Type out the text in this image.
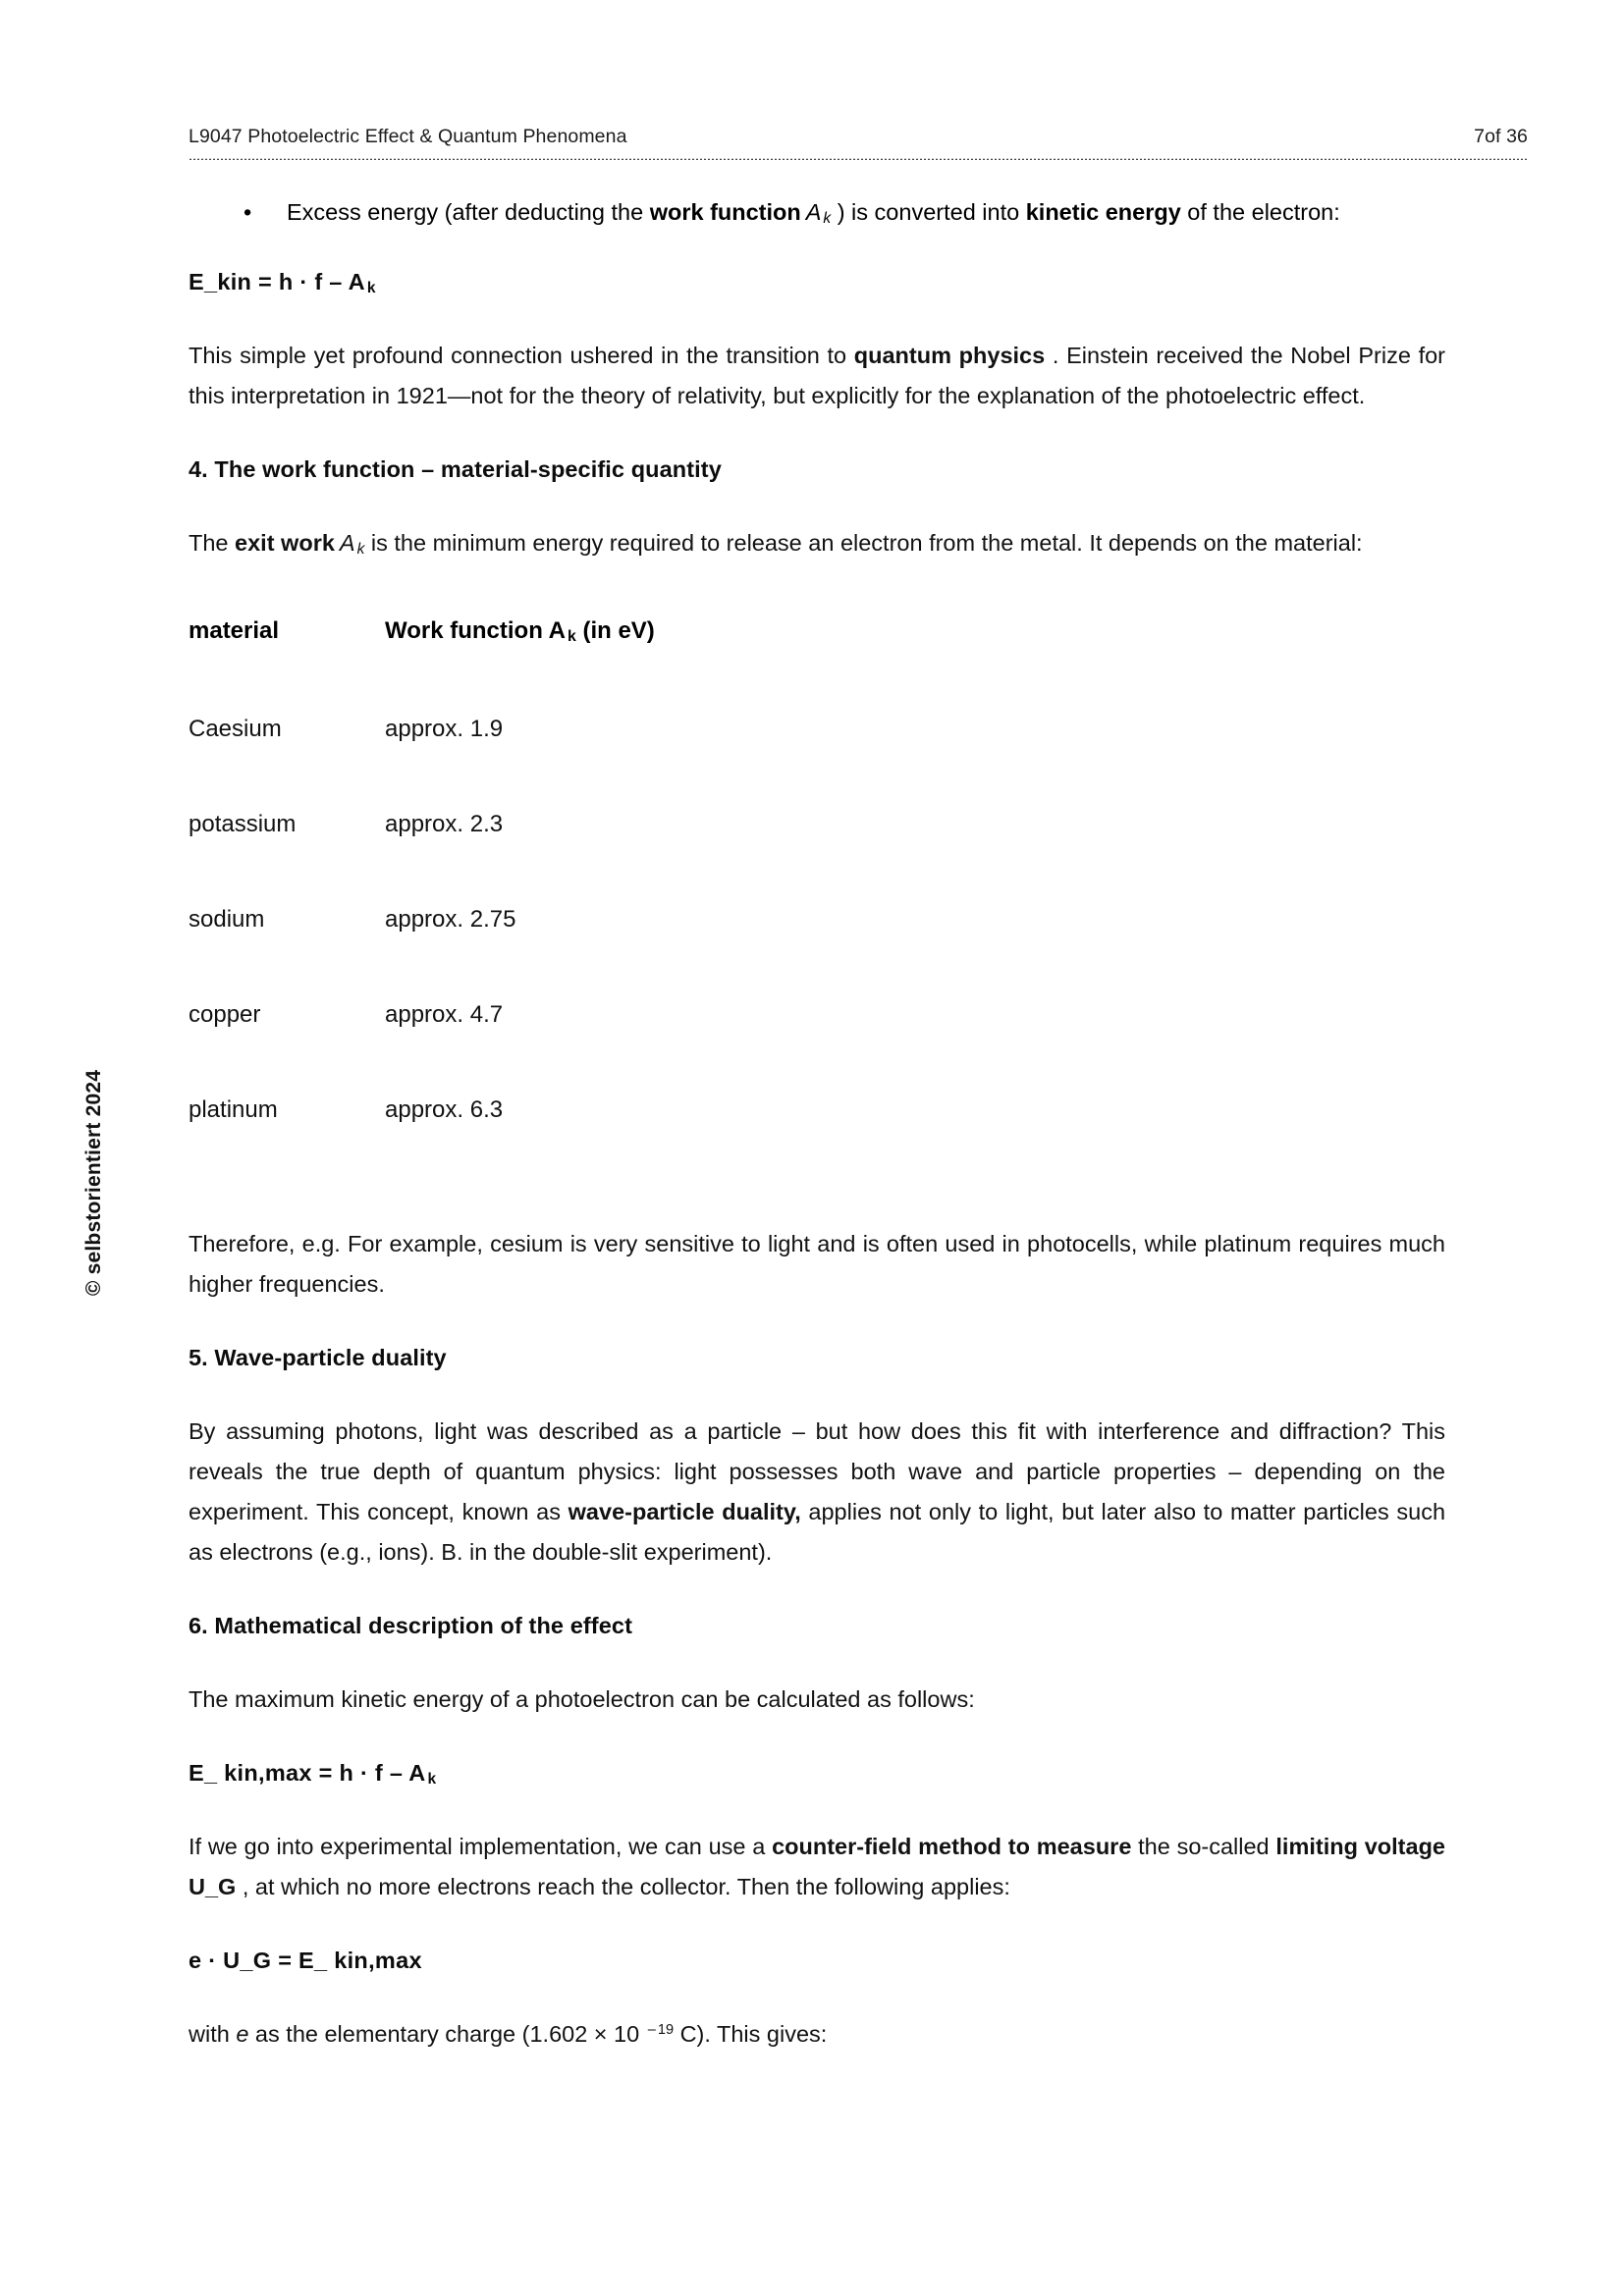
L9047 Photoelectric Effect & Quantum Phenomena	7of 36
© selbstorientiert 2024
•	Excess energy (after deducting the work function A $_k$ ) is converted into kinetic energy of the electron:
E_kin = h · f – A $_k$

This simple yet profound connection ushered in the transition to quantum physics . Einstein received the Nobel Prize for this interpretation in 1921—not for the theory of relativity, but explicitly for the explanation of the photoelectric effect.

4. The work function – material-specific quantity

The exit work A $_k$ is the minimum energy required to release an electron from the metal. It depends on the material:

material	Work function A $_k$ (in eV)
Caesium	approx. 1.9
potassium	approx. 2.3
sodium	approx. 2.75
copper	approx. 4.7
platinum	approx. 6.3

Therefore, e.g. For example, cesium is very sensitive to light and is often used in photocells, while platinum requires much higher frequencies.

5. Wave-particle duality

By assuming photons, light was described as a particle – but how does this fit with interference and diffraction? This reveals the true depth of quantum physics: light possesses both wave and particle properties – depending on the experiment. This concept, known as wave-particle duality, applies not only to light, but later also to matter particles such as electrons (e.g., ions). B. in the double-slit experiment).

6. Mathematical description of the effect

The maximum kinetic energy of a photoelectron can be calculated as follows:

E_ kin,max = h · f – A $_k$

If we go into experimental implementation, we can use a counter-field method to measure the so-called limiting voltage U_G , at which no more electrons reach the collector. Then the following applies:

e · U_G = E_ kin,max

with e as the elementary charge (1.602 × 10 – $^{19}$ C). This gives:
